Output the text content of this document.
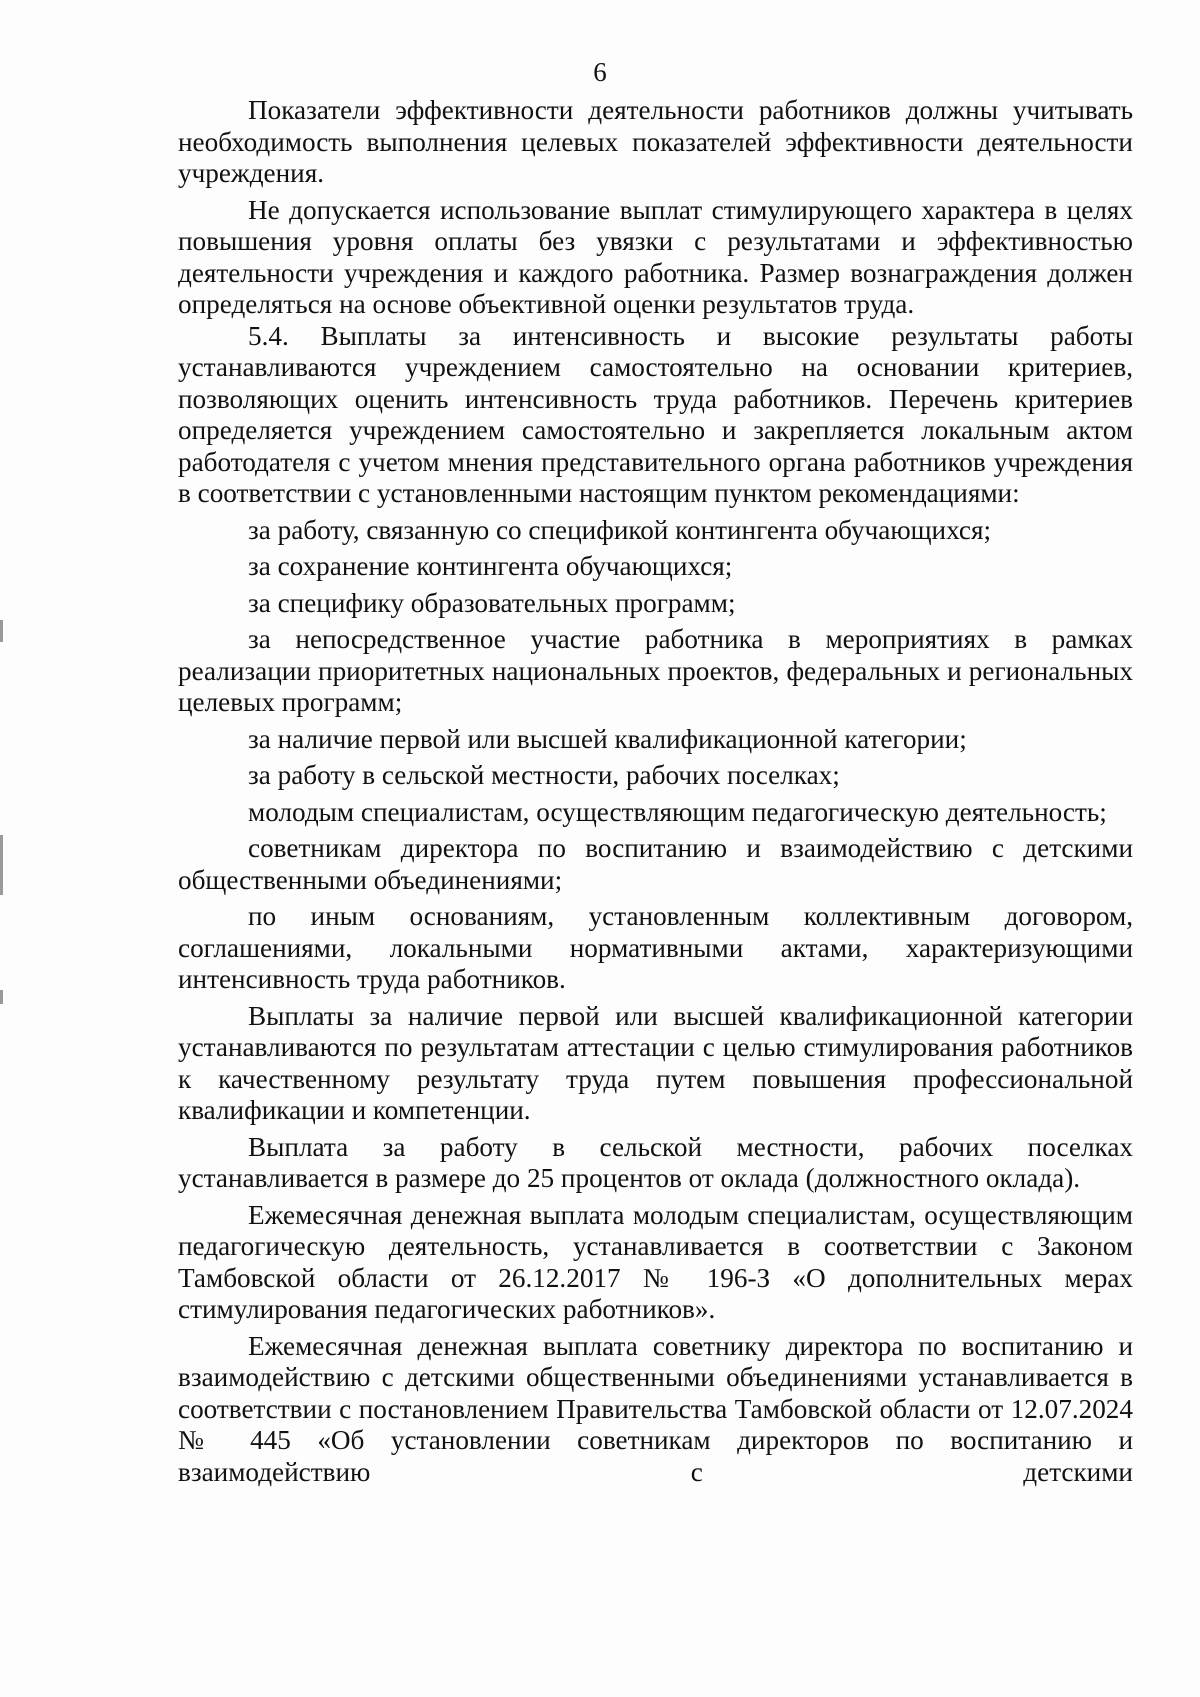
6

Показатели эффективности деятельности работников должны учитывать необходимость выполнения целевых показателей эффективности деятельности учреждения.

Не допускается использование выплат стимулирующего характера в целях повышения уровня оплаты без увязки с результатами и эффективностью деятельности учреждения и каждого работника. Размер вознаграждения должен определяться на основе объективной оценки результатов труда.

5.4. Выплаты за интенсивность и высокие результаты работы устанавливаются учреждением самостоятельно на основании критериев, позволяющих оценить интенсивность труда работников. Перечень критериев определяется учреждением самостоятельно и закрепляется локальным актом работодателя с учетом мнения представительного органа работников учреждения в соответствии с установленными настоящим пунктом рекомендациями:

за работу, связанную со спецификой контингента обучающихся;

за сохранение контингента обучающихся;

за специфику образовательных программ;

за непосредственное участие работника в мероприятиях в рамках реализации приоритетных национальных проектов, федеральных и региональных целевых программ;

за наличие первой или высшей квалификационной категории;

за работу в сельской местности, рабочих поселках;

молодым специалистам, осуществляющим педагогическую деятельность;

советникам директора по воспитанию и взаимодействию с детскими общественными объединениями;

по иным основаниям, установленным коллективным договором, соглашениями, локальными нормативными актами, характеризующими интенсивность труда работников.

Выплаты за наличие первой или высшей квалификационной категории устанавливаются по результатам аттестации с целью стимулирования работников к качественному результату труда путем повышения профессиональной квалификации и компетенции.

Выплата за работу в сельской местности, рабочих поселках устанавливается в размере до 25 процентов от оклада (должностного оклада).

Ежемесячная денежная выплата молодым специалистам, осуществляющим педагогическую деятельность, устанавливается в соответствии с Законом Тамбовской области от 26.12.2017 № 196-З «О дополнительных мерах стимулирования педагогических работников».

Ежемесячная денежная выплата советнику директора по воспитанию и взаимодействию с детскими общественными объединениями устанавливается в соответствии с постановлением Правительства Тамбовской области от 12.07.2024 № 445 «Об установлении советникам директоров по воспитанию и взаимодействию с детскими
